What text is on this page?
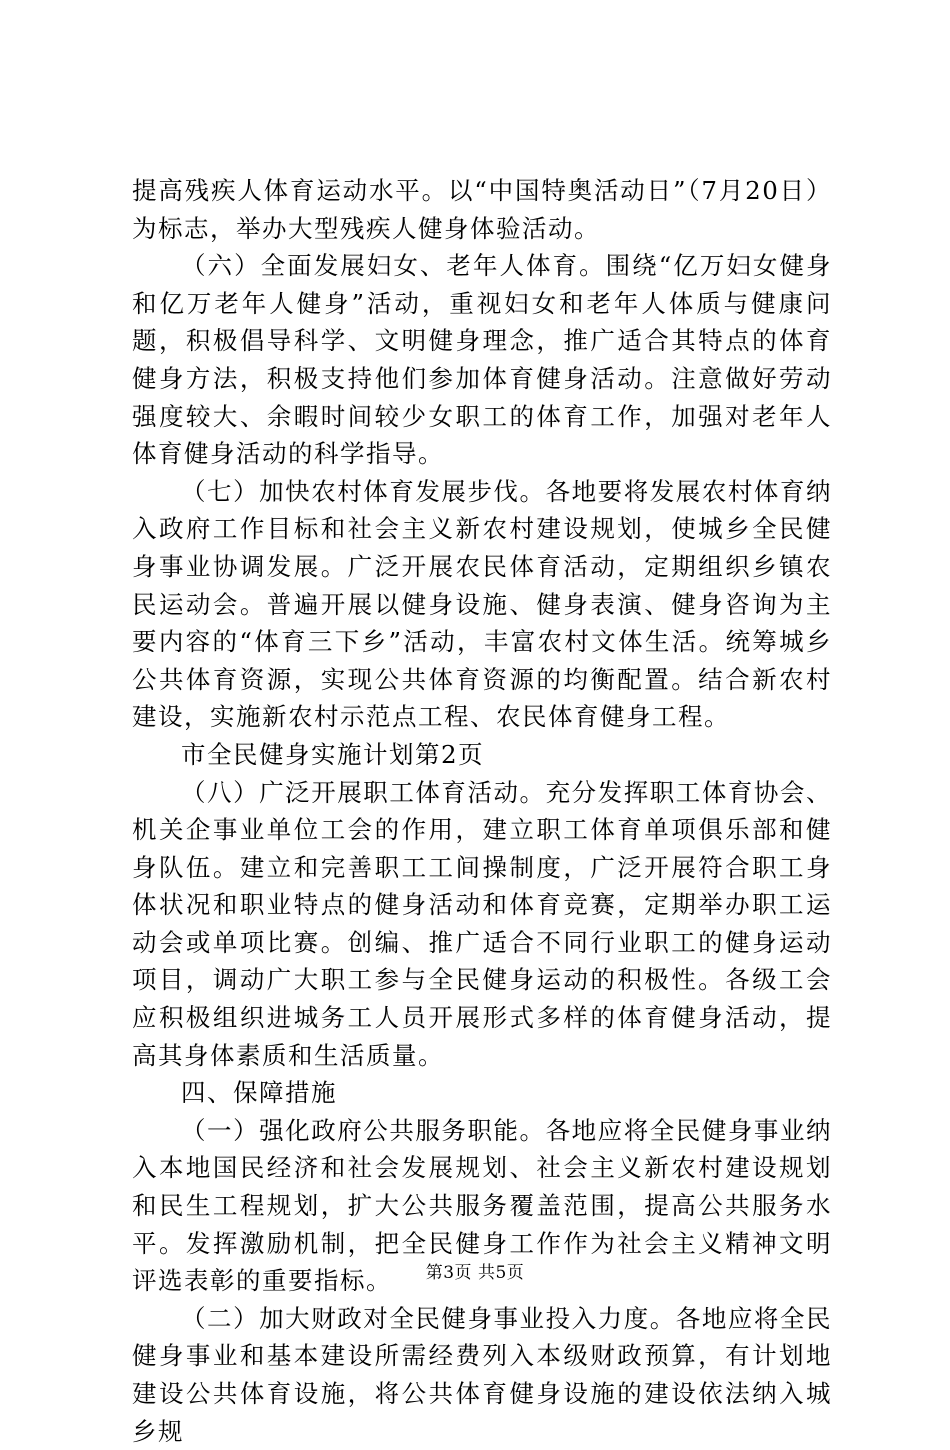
提高残疾人体育运动水平。以“中国特奥活动日”（7月20日）为标志，举办大型残疾人健身体验活动。

（六）全面发展妇女、老年人体育。围绕“亿万妇女健身和亿万老年人健身”活动，重视妇女和老年人体质与健康问题，积极倡导科学、文明健身理念，推广适合其特点的体育健身方法，积极支持他们参加体育健身活动。注意做好劳动强度较大、余暇时间较少女职工的体育工作，加强对老年人体育健身活动的科学指导。

（七）加快农村体育发展步伐。各地要将发展农村体育纳入政府工作目标和社会主义新农村建设规划，使城乡全民健身事业协调发展。广泛开展农民体育活动，定期组织乡镇农民运动会。普遍开展以健身设施、健身表演、健身咨询为主要内容的“体育三下乡”活动，丰富农村文体生活。统筹城乡公共体育资源，实现公共体育资源的均衡配置。结合新农村建设，实施新农村示范点工程、农民体育健身工程。

市全民健身实施计划第2页

（八）广泛开展职工体育活动。充分发挥职工体育协会、机关企事业单位工会的作用，建立职工体育单项俱乐部和健身队伍。建立和完善职工工间操制度，广泛开展符合职工身体状况和职业特点的健身活动和体育竞赛，定期举办职工运动会或单项比赛。创编、推广适合不同行业职工的健身运动项目，调动广大职工参与全民健身运动的积极性。各级工会应积极组织进城务工人员开展形式多样的体育健身活动，提高其身体素质和生活质量。

四、保障措施

（一）强化政府公共服务职能。各地应将全民健身事业纳入本地国民经济和社会发展规划、社会主义新农村建设规划和民生工程规划，扩大公共服务覆盖范围，提高公共服务水平。发挥激励机制，把全民健身工作作为社会主义精神文明评选表彰的重要指标。

（二）加大财政对全民健身事业投入力度。各地应将全民健身事业和基本建设所需经费列入本级财政预算，有计划地建设公共体育设施，将公共体育健身设施的建设依法纳入城乡规

第3页 共5页
